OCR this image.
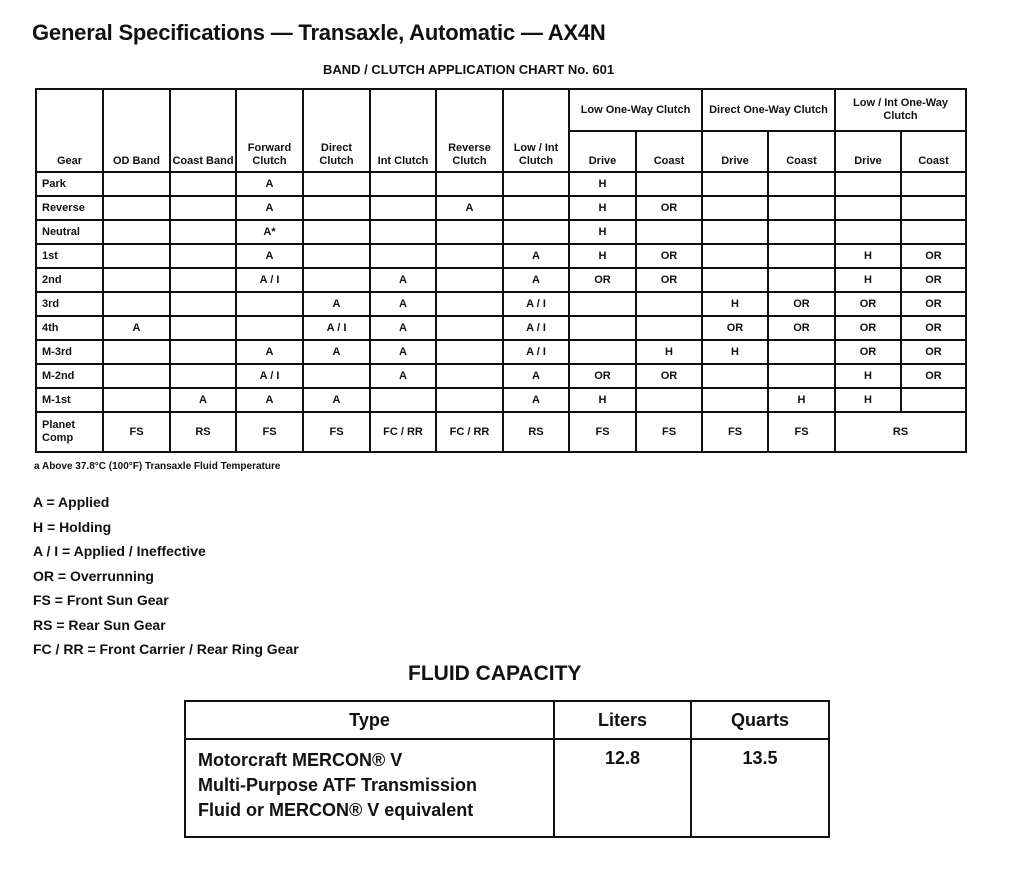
General Specifications — Transaxle, Automatic — AX4N
BAND / CLUTCH APPLICATION CHART No. 601
Gear	OD Band	Coast Band	Forward Clutch	Direct Clutch	Int Clutch	Reverse Clutch	Low / Int Clutch	Low One-Way Clutch		Direct One-Way Clutch		Low / Int One-Way Clutch	
								Drive	Coast	Drive	Coast	Drive	Coast
Park			A					H					
Reverse			A			A		H	OR				
Neutral			A*					H					
1st			A				A	H	OR			H	OR
2nd			A / I		A		A	OR	OR			H	OR
3rd				A	A		A / I			H	OR	OR	OR
4th	A			A / I	A		A / I			OR	OR	OR	OR
M-3rd			A	A	A		A / I		H	H		OR	OR
M-2nd			A / I		A		A	OR	OR			H	OR
M-1st		A	A	A			A	H			H	H	
Planet Comp	FS	RS	FS	FS	FC / RR	FC / RR	RS	FS	FS	FS	FS	RS	
a Above 37.8°C (100°F) Transaxle Fluid Temperature
A = Applied
H = Holding
A / I = Applied / Ineffective
OR = Overrunning
FS = Front Sun Gear
RS = Rear Sun Gear
FC / RR = Front Carrier / Rear Ring Gear
FLUID CAPACITY
Type	Liters	Quarts

Motorcraft MERCON® V
Multi-Purpose ATF Transmission
Fluid or MERCON® V equivalent	12.8	13.5
